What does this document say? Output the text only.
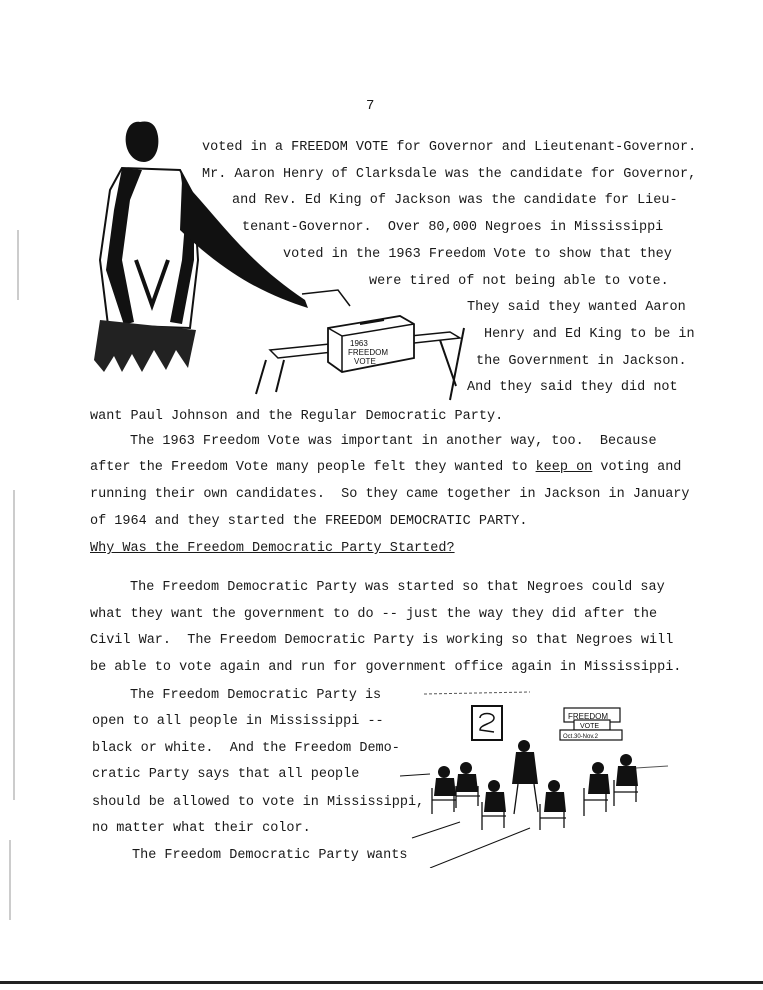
7
1963
FREEDOM
VOTE
voted in a FREEDOM VOTE for Governor and Lieutenant-Governor.
Mr. Aaron Henry of Clarksdale was the candidate for Governor,
and Rev. Ed King of Jackson was the candidate for Lieu-
tenant-Governor.  Over 80,000 Negroes in Mississippi
voted in the 1963 Freedom Vote to show that they
were tired of not being able to vote.
They said they wanted Aaron
Henry and Ed King to be in
the Government in Jackson.
And they said they did not
want Paul Johnson and the Regular Democratic Party.
The 1963 Freedom Vote was important in another way, too.  Because
after the Freedom Vote many people felt they wanted to keep on voting and
running their own candidates.  So they came together in Jackson in January
of 1964 and they started the FREEDOM DEMOCRATIC PARTY.
Why Was the Freedom Democratic Party Started?
The Freedom Democratic Party was started so that Negroes could say
what they want the government to do -- just the way they did after the
Civil War.  The Freedom Democratic Party is working so that Negroes will
be able to vote again and run for government office again in Mississippi.
The Freedom Democratic Party is
open to all people in Mississippi --
black or white.  And the Freedom Demo-
cratic Party says that all people
should be allowed to vote in Mississippi,
no matter what their color.
The Freedom Democratic Party wants
FREEDOM
VOTE
Oct.30-Nov.2
